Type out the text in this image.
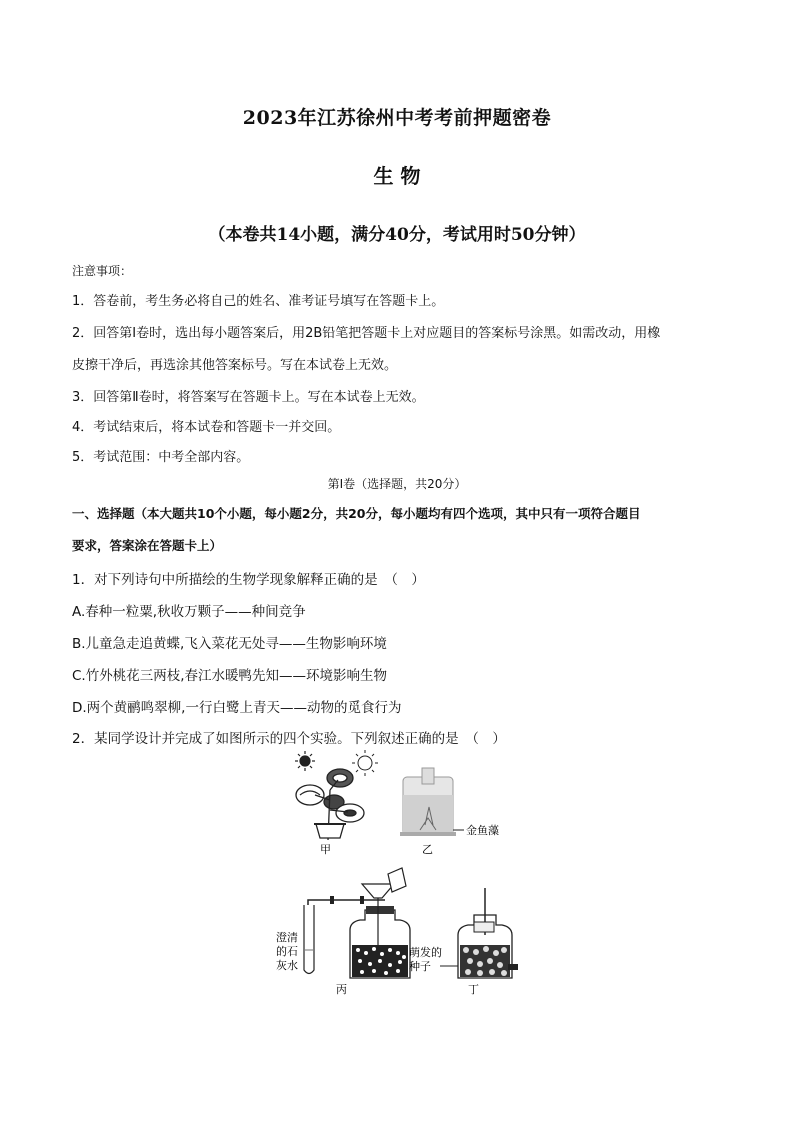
2023年江苏徐州中考考前押题密卷
生 物
（本卷共14小题，满分40分，考试用时50分钟）
注意事项：
1．答卷前，考生务必将自己的姓名、准考证号填写在答题卡上。
2．回答第Ⅰ卷时，选出每小题答案后，用2B铅笔把答题卡上对应题目的答案标号涂黑。如需改动，用橡
皮擦干净后，再选涂其他答案标号。写在本试卷上无效。
3．回答第Ⅱ卷时，将答案写在答题卡上。写在本试卷上无效。
4．考试结束后，将本试卷和答题卡一并交回。
5．考试范围：中考全部内容。
第Ⅰ卷（选择题，共20分）
一、选择题（本大题共10个小题，每小题2分，共20分，每小题均有四个选项，其中只有一项符合题目
要求，答案涂在答题卡上）
1．对下列诗句中所描绘的生物学现象解释正确的是　（　）
A.春种一粒粟,秋收万颗子——种间竞争
B.儿童急走追黄蝶,飞入菜花无处寻——生物影响环境
C.竹外桃花三两枝,春江水暖鸭先知——环境影响生物
D.两个黄鹂鸣翠柳,一行白鹭上青天——动物的觅食行为
2．某同学设计并完成了如图所示的四个实验。下列叙述正确的是　（　）
甲
金鱼藻
乙
澄清
的石
灰水
丙
萌发的
种子
丁
